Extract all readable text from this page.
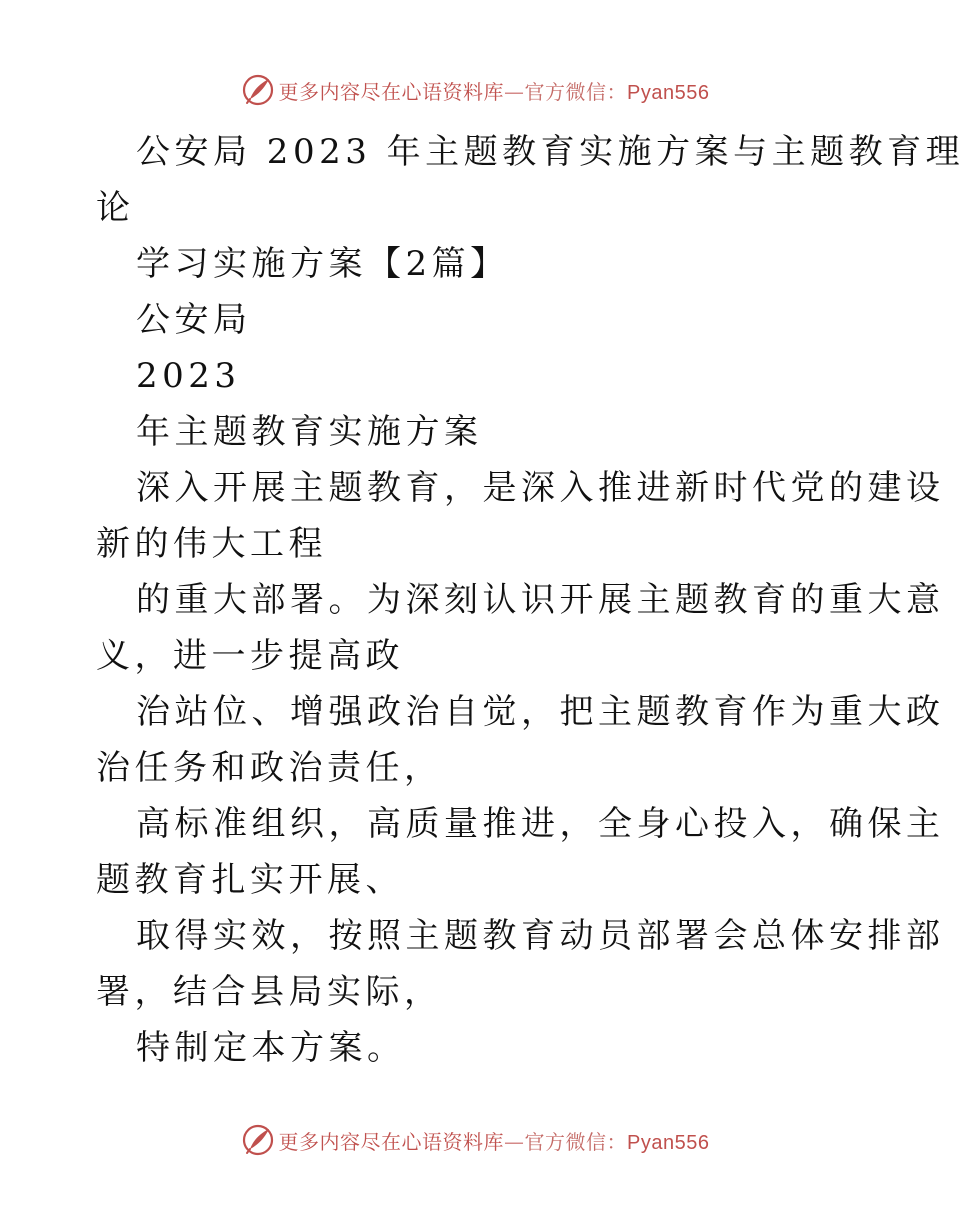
更多内容尽在心语资料库—官方微信：Pyan556
公安局 2023 年主题教育实施方案与主题教育理
论
学习实施方案【2篇】
公安局
2023
年主题教育实施方案
深入开展主题教育，是深入推进新时代党的建设
新的伟大工程
的重大部署。为深刻认识开展主题教育的重大意
义，进一步提高政
治站位、增强政治自觉，把主题教育作为重大政
治任务和政治责任，
高标准组织，高质量推进，全身心投入，确保主
题教育扎实开展、
取得实效，按照主题教育动员部署会总体安排部
署，结合县局实际，
特制定本方案。
更多内容尽在心语资料库—官方微信：Pyan556
